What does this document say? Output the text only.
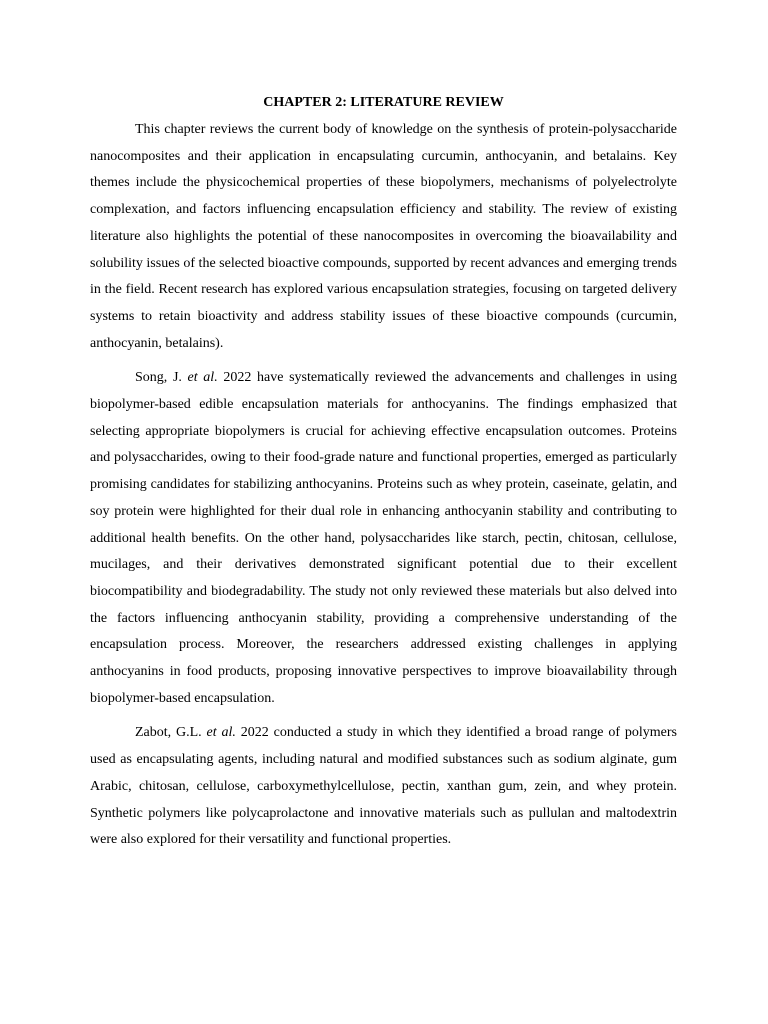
CHAPTER 2: LITERATURE REVIEW

This chapter reviews the current body of knowledge on the synthesis of protein-polysaccharide nanocomposites and their application in encapsulating curcumin, anthocyanin, and betalains. Key themes include the physicochemical properties of these biopolymers, mechanisms of polyelectrolyte complexation, and factors influencing encapsulation efficiency and stability. The review of existing literature also highlights the potential of these nanocomposites in overcoming the bioavailability and solubility issues of the selected bioactive compounds, supported by recent advances and emerging trends in the field. Recent research has explored various encapsulation strategies, focusing on targeted delivery systems to retain bioactivity and address stability issues of these bioactive compounds (curcumin, anthocyanin, betalains).

Song, J. et al. 2022 have systematically reviewed the advancements and challenges in using biopolymer-based edible encapsulation materials for anthocyanins. The findings emphasized that selecting appropriate biopolymers is crucial for achieving effective encapsulation outcomes. Proteins and polysaccharides, owing to their food-grade nature and functional properties, emerged as particularly promising candidates for stabilizing anthocyanins. Proteins such as whey protein, caseinate, gelatin, and soy protein were highlighted for their dual role in enhancing anthocyanin stability and contributing to additional health benefits. On the other hand, polysaccharides like starch, pectin, chitosan, cellulose, mucilages, and their derivatives demonstrated significant potential due to their excellent biocompatibility and biodegradability. The study not only reviewed these materials but also delved into the factors influencing anthocyanin stability, providing a comprehensive understanding of the encapsulation process. Moreover, the researchers addressed existing challenges in applying anthocyanins in food products, proposing innovative perspectives to improve bioavailability through biopolymer-based encapsulation.

Zabot, G.L. et al. 2022 conducted a study in which they identified a broad range of polymers used as encapsulating agents, including natural and modified substances such as sodium alginate, gum Arabic, chitosan, cellulose, carboxymethylcellulose, pectin, xanthan gum, zein, and whey protein. Synthetic polymers like polycaprolactone and innovative materials such as pullulan and maltodextrin were also explored for their versatility and functional properties.
